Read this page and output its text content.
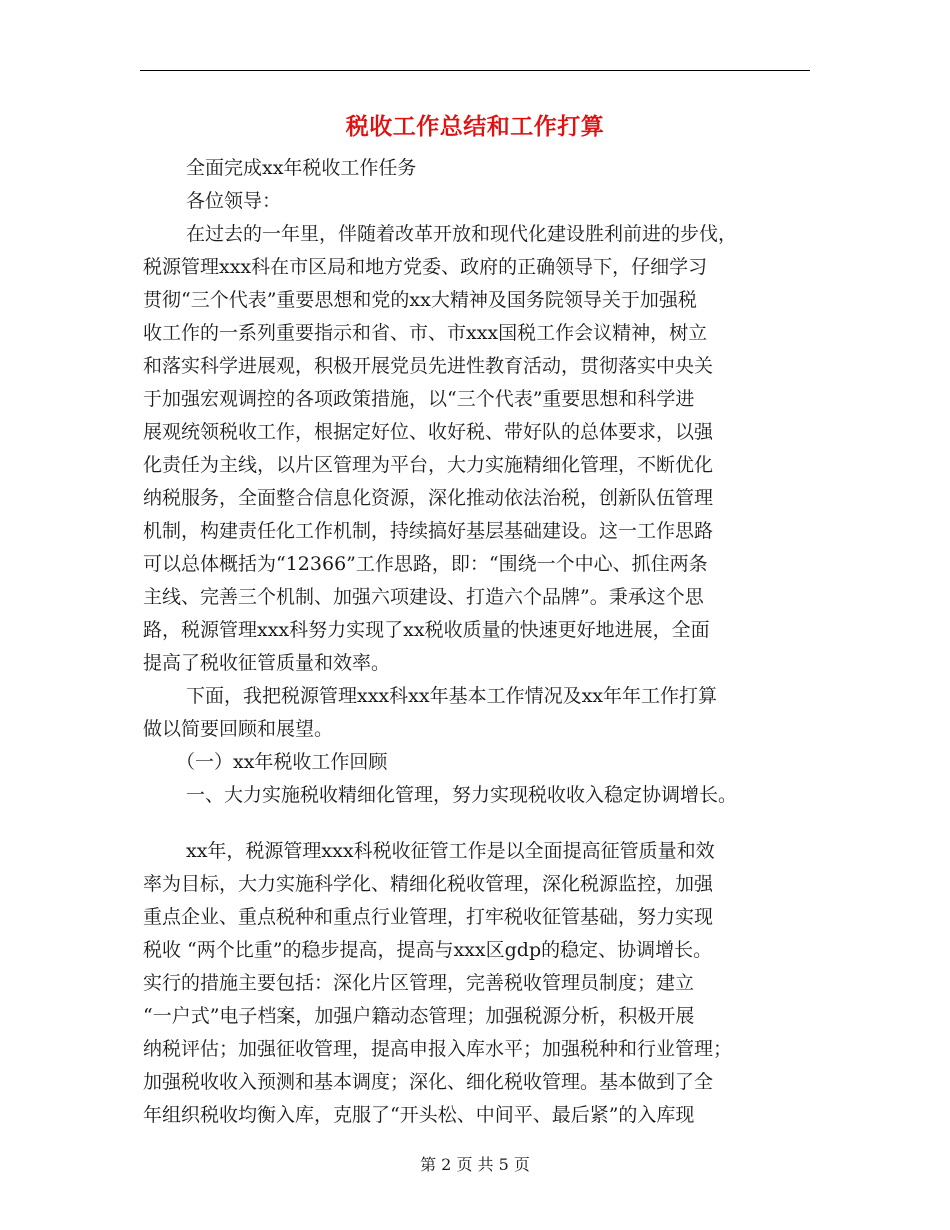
税收工作总结和工作打算
全面完成xx年税收工作任务
各位领导：
在过去的一年里，伴随着改革开放和现代化建设胜利前进的步伐，
税源管理xxx科在市区局和地方党委、政府的正确领导下，仔细学习
贯彻“三个代表”重要思想和党的xx大精神及国务院领导关于加强税
收工作的一系列重要指示和省、市、市xxx国税工作会议精神，树立
和落实科学进展观，积极开展党员先进性教育活动，贯彻落实中央关
于加强宏观调控的各项政策措施，以“三个代表”重要思想和科学进
展观统领税收工作，根据定好位、收好税、带好队的总体要求，以强
化责任为主线，以片区管理为平台，大力实施精细化管理，不断优化
纳税服务，全面整合信息化资源，深化推动依法治税，创新队伍管理
机制，构建责任化工作机制，持续搞好基层基础建设。这一工作思路
可以总体概括为“12366”工作思路，即：“围绕一个中心、抓住两条
主线、完善三个机制、加强六项建设、打造六个品牌”。秉承这个思
路，税源管理xxx科努力实现了xx税收质量的快速更好地进展，全面
提高了税收征管质量和效率。
下面，我把税源管理xxx科xx年基本工作情况及xx年年工作打算
做以简要回顾和展望。
（一）xx年税收工作回顾
一、大力实施税收精细化管理，努力实现税收收入稳定协调增长。
xx年，税源管理xxx科税收征管工作是以全面提高征管质量和效
率为目标，大力实施科学化、精细化税收管理，深化税源监控，加强
重点企业、重点税种和重点行业管理，打牢税收征管基础，努力实现
税收 “两个比重”的稳步提高，提高与xxx区gdp的稳定、协调增长。
实行的措施主要包括：深化片区管理，完善税收管理员制度；建立
“一户式”电子档案，加强户籍动态管理；加强税源分析，积极开展
纳税评估；加强征收管理，提高申报入库水平；加强税种和行业管理；
加强税收收入预测和基本调度；深化、细化税收管理。基本做到了全
年组织税收均衡入库，克服了“开头松、中间平、最后紧”的入库现
第 2 页 共 5 页
